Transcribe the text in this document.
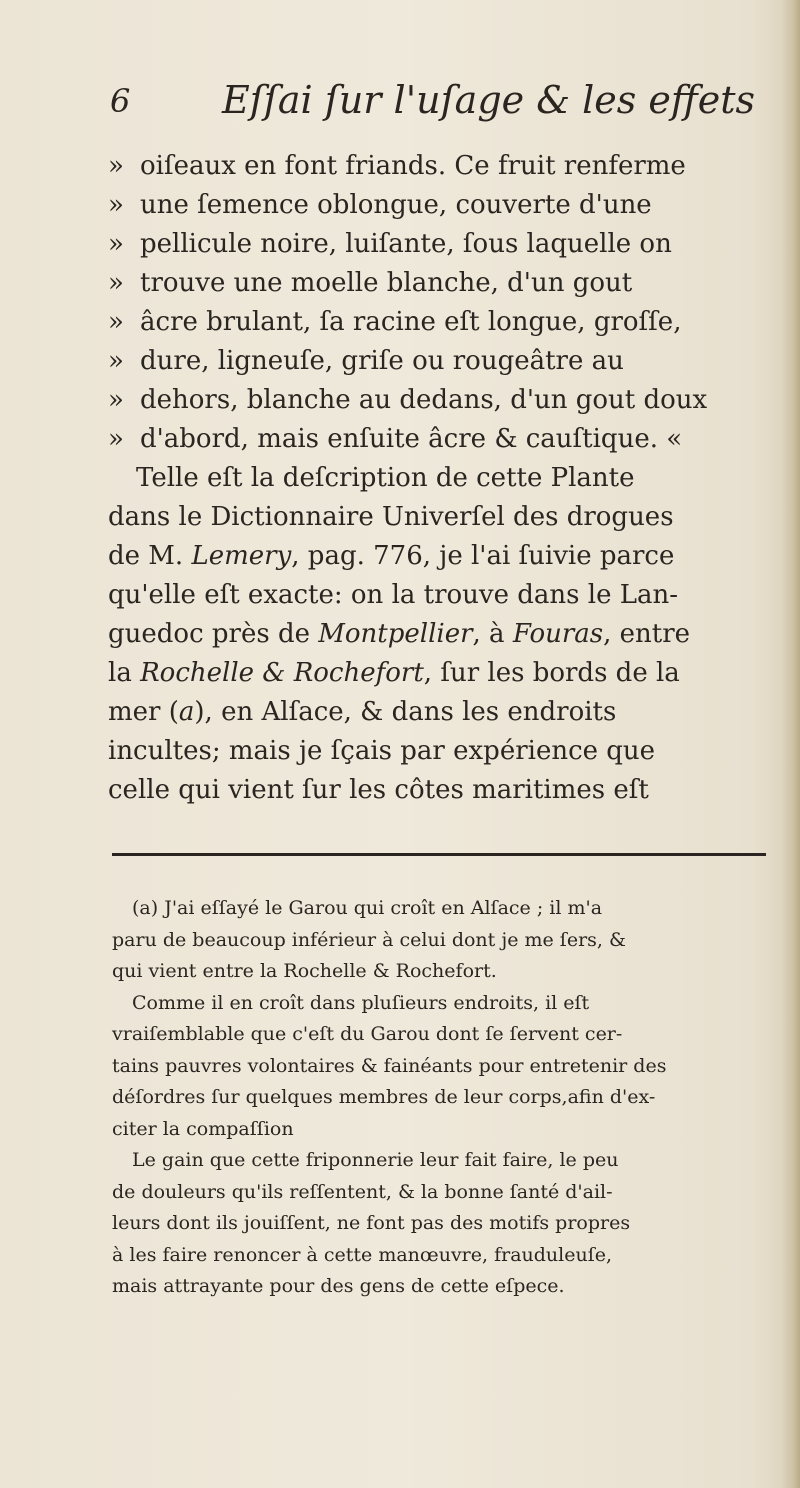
6 Eſſai ſur l'uſage & les effets
» oiſeaux en font friands. Ce fruit renferme
» une ſemence oblongue, couverte d'une
» pellicule noire, luiſante, ſous laquelle on
» trouve une moelle blanche, d'un gout
» âcre brulant, ſa racine eſt longue, groſſe,
» dure, ligneuſe, griſe ou rougeâtre au
» dehors, blanche au dedans, d'un gout doux
» d'abord, mais enſuite âcre & cauſtique. «
Telle eſt la deſcription de cette Plante
dans le Dictionnaire Univerſel des drogues
de M. Lemery, pag. 776, je l'ai ſuivie parce
qu'elle eſt exacte: on la trouve dans le Lan-
guedoc près de Montpellier, à Fouras, entre
la Rochelle & Rochefort, ſur les bords de la
mer (a), en Alſace, & dans les endroits
incultes; mais je ſçais par expérience que
celle qui vient ſur les côtes maritimes eſt
(a) J'ai eſſayé le Garou qui croît en Alſace ; il m'a
paru de beaucoup inférieur à celui dont je me ſers, &
qui vient entre la Rochelle & Rochefort.
Comme il en croît dans pluſieurs endroits, il eſt
vraiſemblable que c'eſt du Garou dont ſe ſervent cer-
tains pauvres volontaires & fainéants pour entretenir des
déſordres ſur quelques membres de leur corps,afin d'ex-
citer la compaſſion
Le gain que cette friponnerie leur fait faire, le peu
de douleurs qu'ils reſſentent, & la bonne ſanté d'ail-
leurs dont ils jouiſſent, ne font pas des motifs propres
à les faire renoncer à cette manœuvre, frauduleuſe,
mais attrayante pour des gens de cette eſpece.
